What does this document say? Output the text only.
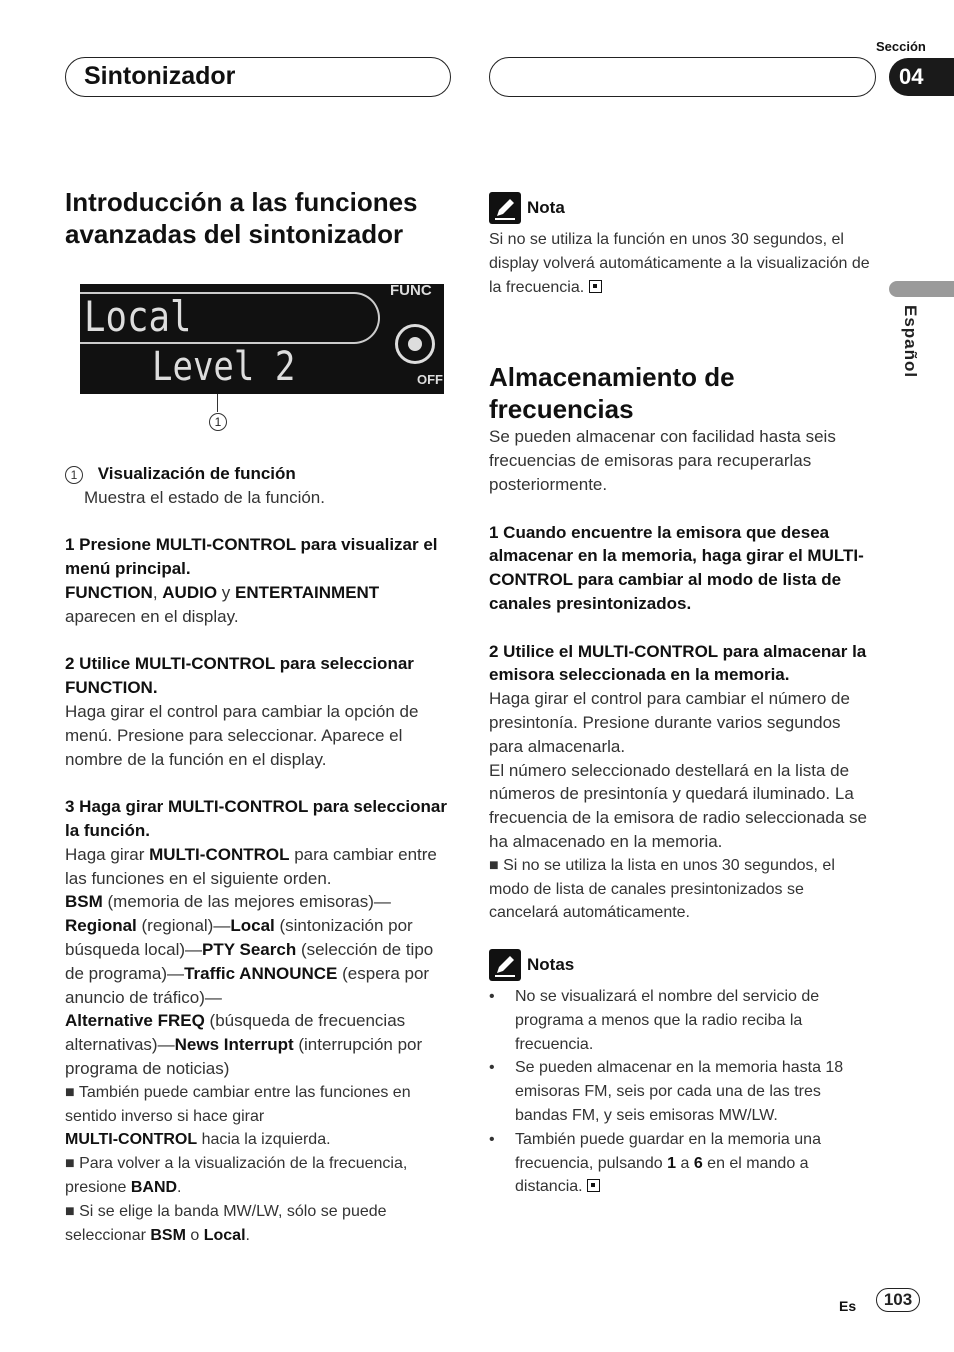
Sintonizador
Sección
04
Español
Introducción a las funciones avanzadas del sintonizador
Local
Level 2
FUNC
OFF
1

1 Visualización de función

Muestra el estado de la función.

1 Presione MULTI-CONTROL para visualizar el menú principal.

FUNCTION, AUDIO y ENTERTAINMENT aparecen en el display.

2 Utilice MULTI-CONTROL para seleccionar FUNCTION.

Haga girar el control para cambiar la opción de menú. Presione para seleccionar. Aparece el nombre de la función en el display.

3 Haga girar MULTI-CONTROL para seleccionar la función.

Haga girar MULTI-CONTROL para cambiar entre las funciones en el siguiente orden.

BSM (memoria de las mejores emisoras)—
Regional (regional)—Local (sintonización por búsqueda local)—PTY Search (selección de tipo de programa)—Traffic ANNOUNCE (espera por anuncio de tráfico)—
Alternative FREQ (búsqueda de frecuencias alternativas)—News Interrupt (interrupción por programa de noticias)

■ También puede cambiar entre las funciones en sentido inverso si hace girar
MULTI-CONTROL hacia la izquierda.

■ Para volver a la visualización de la frecuencia, presione BAND.

■ Si se elige la banda MW/LW, sólo se puede seleccionar BSM o Local.

Nota

Si no se utiliza la función en unos 30 segundos, el display volverá automáticamente a la visualización de la frecuencia.

Almacenamiento de frecuencias

Se pueden almacenar con facilidad hasta seis frecuencias de emisoras para recuperarlas posteriormente.

1 Cuando encuentre la emisora que desea almacenar en la memoria, haga girar el MULTI-CONTROL para cambiar al modo de lista de canales presintonizados.

2 Utilice el MULTI-CONTROL para almacenar la emisora seleccionada en la memoria.

Haga girar el control para cambiar el número de presintonía. Presione durante varios segundos para almacenarla.

El número seleccionado destellará en la lista de números de presintonía y quedará iluminado. La frecuencia de la emisora de radio seleccionada se ha almacenado en la memoria.

■ Si no se utiliza la lista en unos 30 segundos, el modo de lista de canales presintonizados se cancelará automáticamente.

Notas
•	No se visualizará el nombre del servicio de programa a menos que la radio reciba la frecuencia.
•	Se pueden almacenar en la memoria hasta 18 emisoras FM, seis por cada una de las tres bandas FM, y seis emisoras MW/LW.
•	También puede guardar en la memoria una frecuencia, pulsando 1 a 6 en el mando a distancia.
Es	103
